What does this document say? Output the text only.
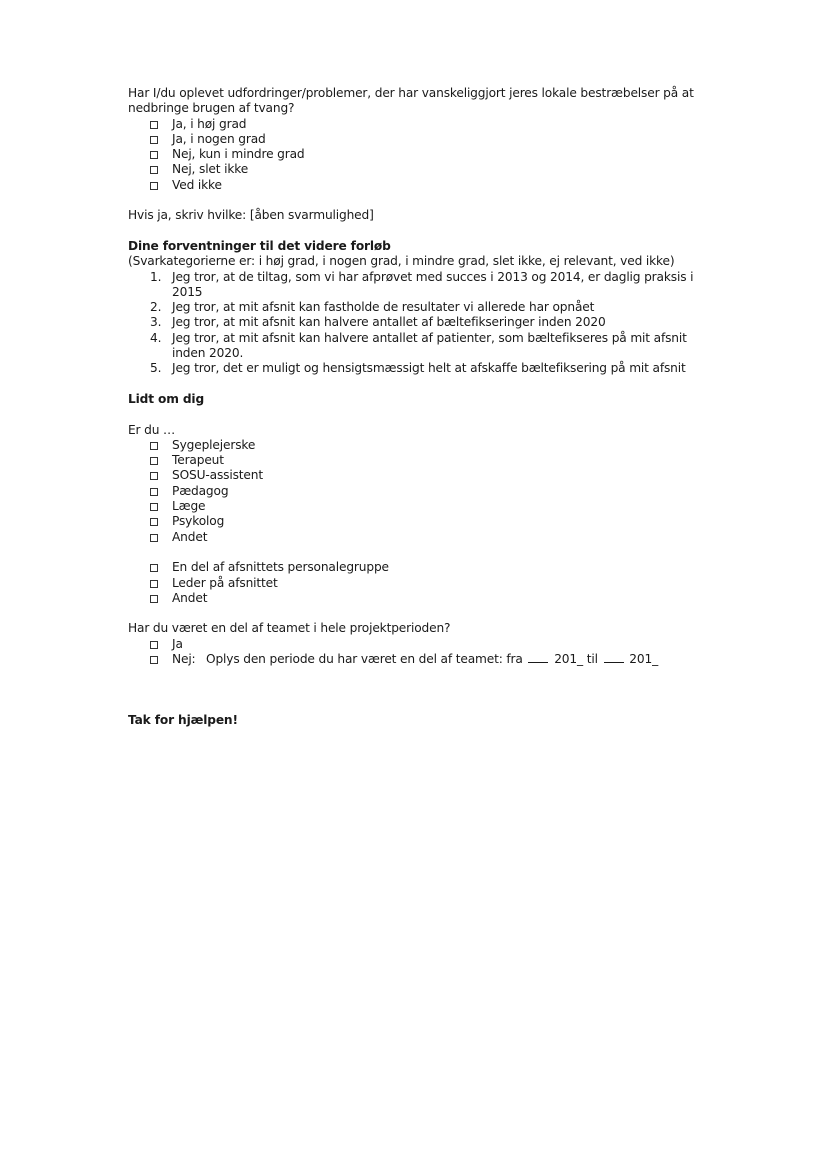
Har I/du oplevet udfordringer/problemer, der har vanskeliggjort jeres lokale bestræbelser på at nedbringe brugen af tvang?

Ja, i høj grad
Ja, i nogen grad
Nej, kun i mindre grad
Nej, slet ikke
Ved ikke

Hvis ja, skriv hvilke: [åben svarmulighed]

Dine forventninger til det videre forløb

(Svarkategorierne er: i høj grad, i nogen grad, i mindre grad, slet ikke, ej relevant, ved ikke)

1. Jeg tror, at de tiltag, som vi har afprøvet med succes i 2013 og 2014, er daglig praksis i 2015
2. Jeg tror, at mit afsnit kan fastholde de resultater vi allerede har opnået
3. Jeg tror, at mit afsnit kan halvere antallet af bæltefikseringer inden 2020
4. Jeg tror, at mit afsnit kan halvere antallet af patienter, som bæltefikseres på mit afsnit inden 2020.
5. Jeg tror, det er muligt og hensigtsmæssigt helt at afskaffe bæltefiksering på mit afsnit

Lidt om dig

Er du …

Sygeplejerske
Terapeut
SOSU-assistent
Pædagog
Læge
Psykolog
Andet
En del af afsnittets personalegruppe
Leder på afsnittet
Andet

Har du været en del af teamet i hele projektperioden?

Ja
Nej: Oplys den periode du har været en del af teamet: fra	201_ til	201_

Tak for hjælpen!
